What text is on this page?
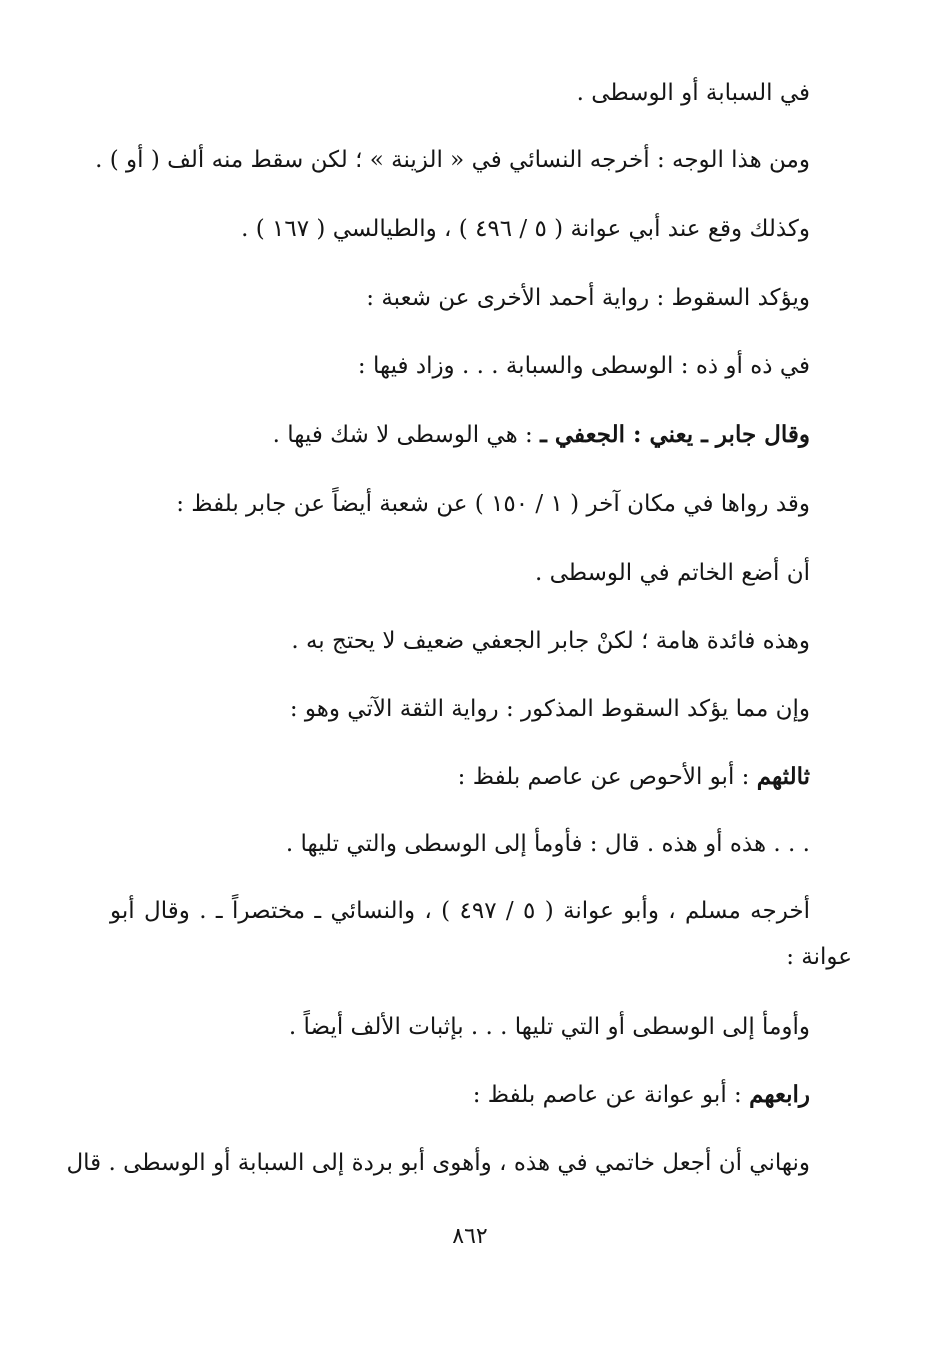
في السبابة أو الوسطى .
ومن هذا الوجه : أخرجه النسائي في « الزينة » ؛ لكن سقط منه ألف ( أو ) .
وكذلك وقع عند أبي عوانة ( ٥ / ٤٩٦ ) ، والطيالسي ( ١٦٧ ) .
ويؤكد السقوط : رواية أحمد الأخرى عن شعبة :
في ذه أو ذه : الوسطى والسبابة . . . وزاد فيها :
وقال جابر ـ يعني : الجعفي ـ : هي الوسطى لا شك فيها .
وقد رواها في مكان آخر ( ١ / ١٥٠ ) عن شعبة أيضاً عن جابر بلفظ :
أن أضع الخاتم في الوسطى .
وهذه فائدة هامة ؛ لكنْ جابر الجعفي ضعيف لا يحتج به .
وإن مما يؤكد السقوط المذكور : رواية الثقة الآتي وهو :
ثالثهم : أبو الأحوص عن عاصم بلفظ :
. . . هذه أو هذه . قال : فأومأ إلى الوسطى والتي تليها .
أخرجه مسلم ، وأبو عوانة ( ٥ / ٤٩٧ ) ، والنسائي ـ مختصراً ـ . وقال أبو
عوانة :
وأومأ إلى الوسطى أو التي تليها . . . بإثبات الألف أيضاً .
رابعهم : أبو عوانة عن عاصم بلفظ :
ونهاني أن أجعل خاتمي في هذه ، وأهوى أبو بردة إلى السبابة أو الوسطى . قال
٨٦٢
